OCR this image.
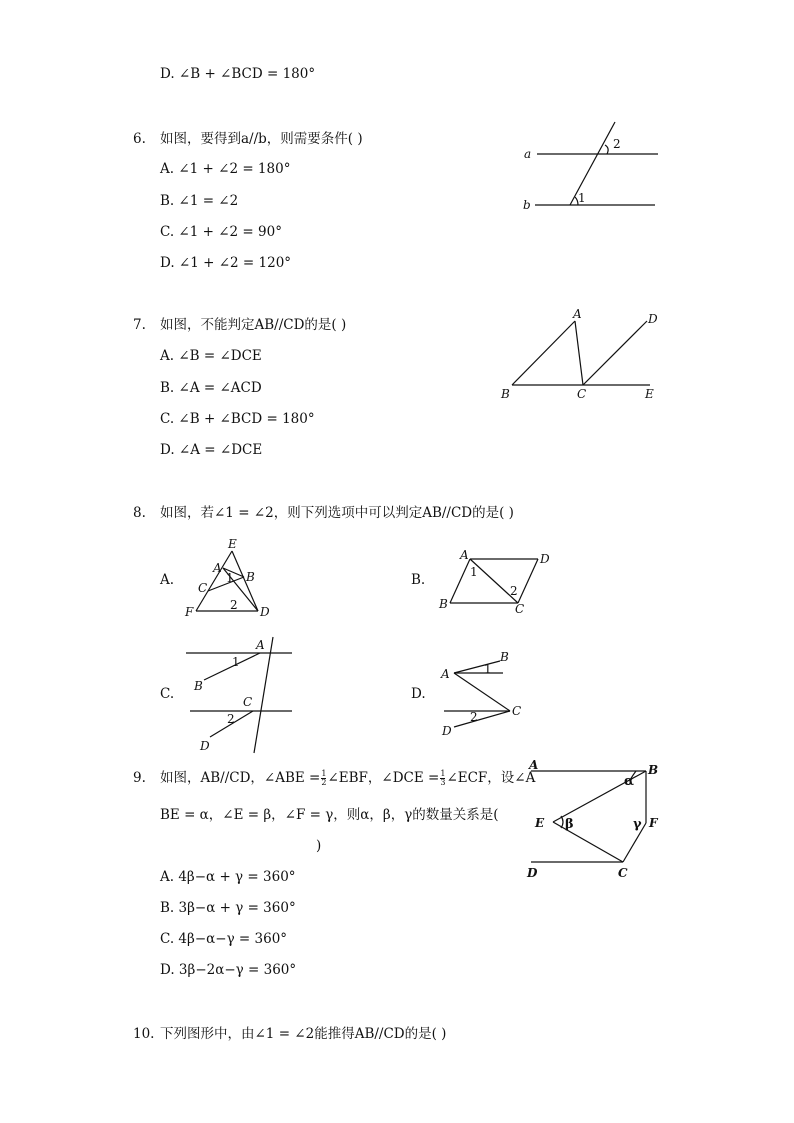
D. ∠B + ∠BCD = 180°
6. 如图，要得到a//b，则需要条件( )
A. ∠1 + ∠2 = 180°
B. ∠1 = ∠2
C. ∠1 + ∠2 = 90°
D. ∠1 + ∠2 = 120°
a
b
2
1
7. 如图，不能判定AB//CD的是( )
A. ∠B = ∠DCE
B. ∠A = ∠ACD
C. ∠B + ∠BCD = 180°
D. ∠A = ∠DCE
A	D
B	C	E
8. 如图，若∠1 = ∠2，则下列选项中可以判定AB//CD的是( )
A.
E
A
B
C
1
F	2 D
B.
A	D
1
2
B	C
C.
A
1
B
C
2
D
D.
B
A	1
C
2
D
9. 如图，AB//CD，∠ABE = $\frac{1}{2}$ ∠EBF，∠DCE = $\frac{1}{3}$ ∠ECF，设∠A
BE = α，∠E = β，∠F = γ，则α，β，γ的数量关系是(
)
A. 4β−α + γ = 360°
B. 3β−α + γ = 360°
C. 4β−α−γ = 360°
D. 3β−2α−γ = 360°
A	B
α
E β	γ F
D	C
10. 下列图形中，由∠1 = ∠2能推得AB//CD的是( )
